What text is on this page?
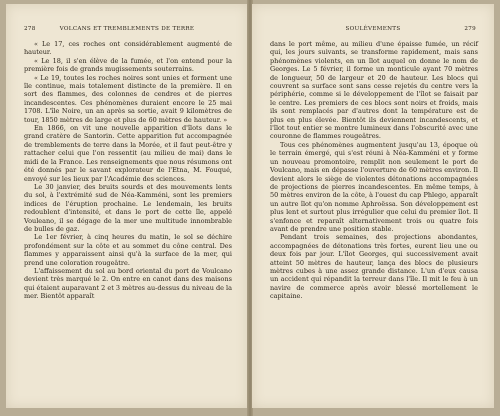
278	VOLCANS ET TREMBLEMENTS DE TERRE

« Le 17, ces roches ont considérablement augmenté de hauteur.

« Le 18, il s'en élève de la fumée, et l'on entend pour la première fois de grands mugissements souterrains.

« Le 19, toutes les roches noires sont unies et forment une île continue, mais totalement distincte de la première. Il en sort des flammes, des colonnes de cendres et de pierres incandescentes. Ces phénomènes duraient encore le 25 mai 1708. L'île Noire, un an après sa sortie, avait 9 kilomètres de tour, 1850 mètres de large et plus de 60 mètres de hauteur. »

En 1866, on vit une nouvelle apparition d'îlots dans le grand cratère de Santorin. Cette apparition fut accompagnée de tremblements de terre dans la Morée, et il faut peut-être y rattacher celui que l'on ressentit (au milieu de mai) dans le midi de la France. Les renseignements que nous résumons ont été donnés par le savant explorateur de l'Etna, M. Fouqué, envoyé sur les lieux par l'Académie des sciences.

Le 30 janvier, des bruits sourds et des mouvements lents du sol, à l'extrémité sud de Néa-Kamméni, sont les premiers indices de l'éruption prochaine. Le lendemain, les bruits redoublent d'intensité, et dans le port de cette île, appelé Vouleano, il se dégage de la mer une multitude innombrable de bulles de gaz.

Le 1er février, à cinq heures du matin, le sol se déchire profondément sur la côte et au sommet du cône central. Des flammes y apparaissent ainsi qu'à la surface de la mer, qui prend une coloration rougeâtre.

L'affaissement du sol au bord oriental du port de Voulcano devient très marqué le 2. On entre en canot dans des maisons qui étaient auparavant 2 et 3 mètres au-dessus du niveau de la mer. Bientôt apparaît

SOULÈVEMENTS	279

dans le port même, au milieu d'une épaisse fumée, un récif qui, les jours suivants, se transforme rapidement, mais sans phénomènes violents, en un îlot auquel on donne le nom de Georges. Le 5 février, il forme un monticule ayant 70 mètres de longueur, 50 de largeur et 20 de hauteur. Les blocs qui couvrent sa surface sont sans cesse rejetés du centre vers la périphérie, comme si le développement de l'îlot se faisait par le centre. Les premiers de ces blocs sont noirs et froids, mais ils sont remplacés par d'autres dont la température est de plus en plus élevée. Bientôt ils deviennent incandescents, et l'îlot tout entier se montre lumineux dans l'obscurité avec une couronne de flammes rougeâtres.

Tous ces phénomènes augmentent jusqu'au 13, époque où le terrain émergé, qui s'est réuni à Néa-Kamméni et y forme un nouveau promontoire, remplit non seulement le port de Voulcano, mais en dépasse l'ouverture de 60 mètres environ. Il devient alors le siège de violentes détonations accompagnées de projections de pierres incandescentes. En même temps, à 50 mètres environ de la côte, à l'ouest du cap Phlego, apparaît un autre îlot qu'on nomme Aphroëssa. Son développement est plus lent et surtout plus irrégulier que celui du premier îlot. Il s'enfonce et reparaît alternativement trois ou quatre fois avant de prendre une position stable.

Pendant trois semaines, des projections abondantes, accompagnées de détonations très fortes, eurent lieu une ou deux fois par jour. L'îlot Georges, qui successivement avait atteint 50 mètres de hauteur, lança des blocs de plusieurs mètres cubes à une assez grande distance. L'un d'eux causa un accident qui répandit la terreur dans l'île. Il mit le feu à un navire de commerce après avoir blessé mortellement le capitaine.
